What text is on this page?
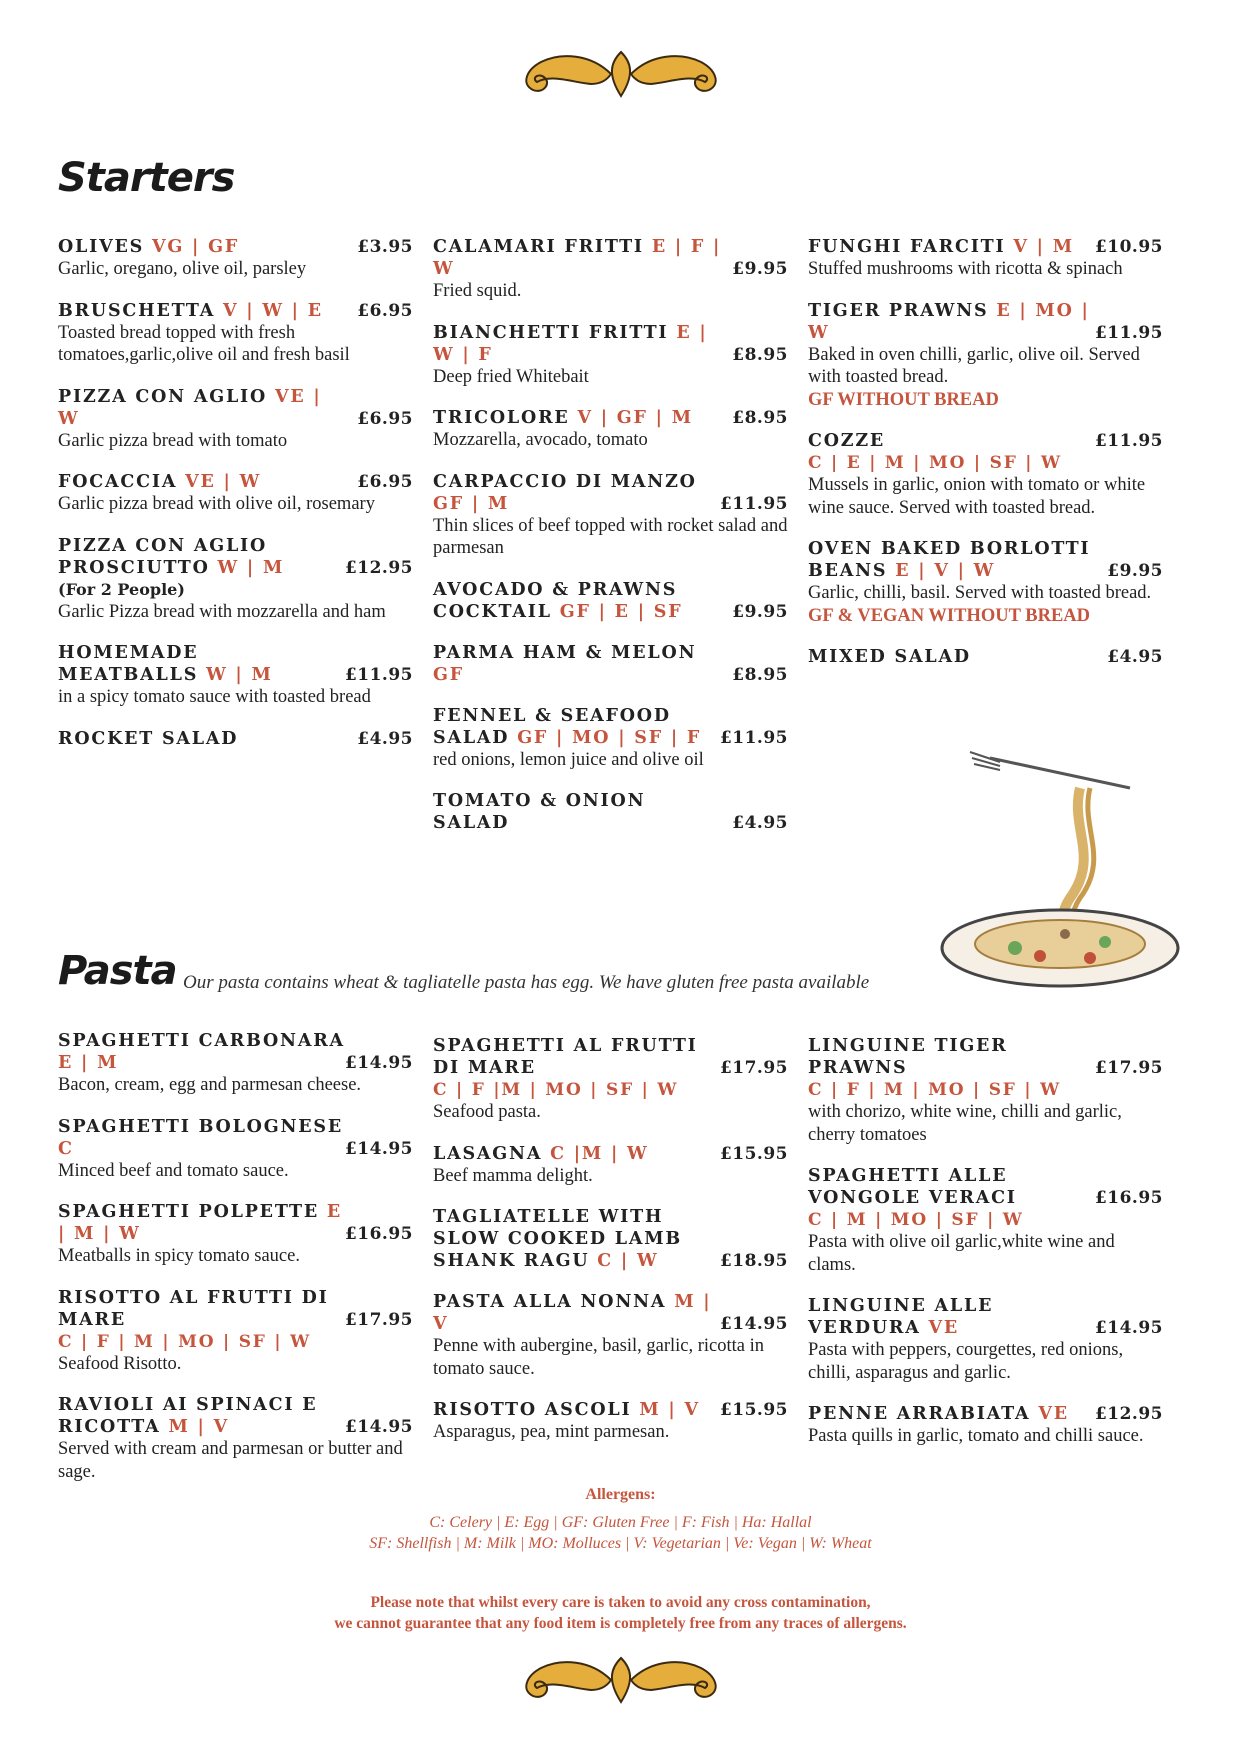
Starters
OLIVES VG | GF	£3.95
Garlic, oregano, olive oil, parsley
BRUSCHETTA V | W | E £6.95
Toasted bread topped with fresh tomatoes,garlic,olive oil and fresh basil
PIZZA CON AGLIO VE | W	£6.95
Garlic pizza bread with tomato
FOCACCIA VE | W	£6.95
Garlic pizza bread with olive oil, rosemary
PIZZA CON AGLIO PROSCIUTTO W | M	£12.95
(For 2 People)
Garlic Pizza bread with mozzarella and ham
HOMEMADE MEATBALLS W | M	£11.95
in a spicy tomato sauce with toasted bread
ROCKET SALAD	£4.95
CALAMARI FRITTI E | F | W	£9.95
Fried squid.
BIANCHETTI FRITTI E | W | F	£8.95
Deep fried Whitebait
TRICOLORE V | GF | M £8.95
Mozzarella, avocado, tomato
CARPACCIO DI MANZO GF | M	£11.95
Thin slices of beef topped with rocket salad and parmesan
AVOCADO & PRAWNS COCKTAIL GF | E | SF	£9.95
PARMA HAM & MELON GF	£8.95
FENNEL & SEAFOOD SALAD GF | MO | SF | F	£11.95
red onions, lemon juice and olive oil
TOMATO & ONION SALAD	£4.95
FUNGHI FARCITI V | M £10.95
Stuffed mushrooms with ricotta & spinach
TIGER PRAWNS E | MO | W	£11.95
Baked in oven chilli, garlic, olive oil. Served with toasted bread.
GF WITHOUT BREAD
COZZE	£11.95
C | E | M | MO | SF | W
Mussels in garlic, onion with tomato or white wine sauce. Served with toasted bread.
OVEN BAKED BORLOTTI BEANS E | V | W	£9.95
Garlic, chilli, basil. Served with toasted bread.
GF & VEGAN WITHOUT BREAD
MIXED SALAD	£4.95
Pasta Our pasta contains wheat & tagliatelle pasta has egg. We have gluten free pasta available
SPAGHETTI CARBONARA E | M	£14.95
Bacon, cream, egg and parmesan cheese.
SPAGHETTI BOLOGNESE C	£14.95
Minced beef and tomato sauce.
SPAGHETTI POLPETTE E | M | W	£16.95
Meatballs in spicy tomato sauce.
RISOTTO AL FRUTTI DI MARE	£17.95
C | F | M | MO | SF | W
Seafood Risotto.
RAVIOLI AI SPINACI E RICOTTA M | V	£14.95
Served with cream and parmesan or butter and sage.
SPAGHETTI AL FRUTTI DI MARE	£17.95
C | F |M | MO | SF | W
Seafood pasta.
LASAGNA C |M | W	£15.95
Beef mamma delight.
TAGLIATELLE WITH SLOW COOKED LAMB SHANK RAGU C | W	£18.95
PASTA ALLA NONNA M | V	£14.95
Penne with aubergine, basil, garlic, ricotta in tomato sauce.
RISOTTO ASCOLI M | V £15.95
Asparagus, pea, mint parmesan.
LINGUINE TIGER PRAWNS	£17.95
C | F | M | MO | SF | W
with chorizo, white wine, chilli and garlic, cherry tomatoes
SPAGHETTI ALLE VONGOLE VERACI	£16.95
C | M | MO | SF | W
Pasta with olive oil garlic,white wine and clams.
LINGUINE ALLE VERDURA VE	£14.95
Pasta with peppers, courgettes, red onions, chilli, asparagus and garlic.
PENNE ARRABIATA VE £12.95
Pasta quills in garlic, tomato and chilli sauce.
Allergens:
C: Celery | E: Egg | GF: Gluten Free | F: Fish | Ha: Hallal
SF: Shellfish | M: Milk | MO: Molluces | V: Vegetarian | Ve: Vegan | W: Wheat
Please note that whilst every care is taken to avoid any cross contamination,
we cannot guarantee that any food item is completely free from any traces of allergens.
